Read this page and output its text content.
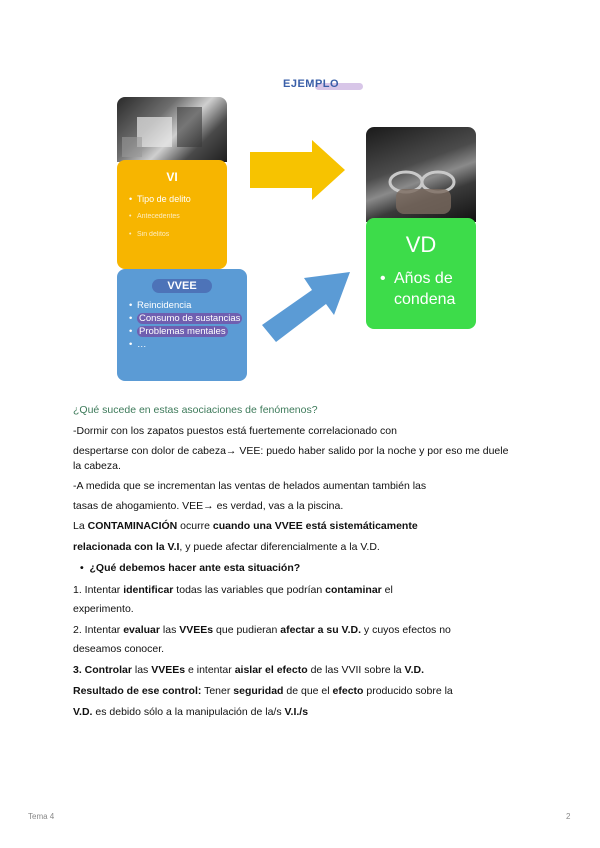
EJEMPLO
VI
• Tipo de delito
• Antecedentes
• Sin delitos
VVEE
• Reincidencia
• Consumo de sustancias
• Problemas mentales
• …
VD
• Años de condena
¿Qué sucede en estas asociaciones de fenómenos?
-Dormir con los zapatos puestos está fuertemente correlacionado con
despertarse con dolor de cabeza→ VEE: puedo haber salido por la noche y por eso me duele
la cabeza.
-A medida que se incrementan las ventas de helados aumentan también las
tasas de ahogamiento. VEE→ es verdad, vas a la piscina.
La CONTAMINACIÓN ocurre cuando una VVEE está sistemáticamente
relacionada con la V.I, y puede afectar diferencialmente a la V.D.
•  ¿Qué debemos hacer ante esta situación?
1. Intentar identificar todas las variables que podrían contaminar el
experimento.
2. Intentar evaluar las VVEEs que pudieran afectar a su V.D. y cuyos efectos no
deseamos conocer.
3. Controlar las VVEEs e intentar aislar el efecto de las VVII sobre la V.D.
Resultado de ese control: Tener seguridad de que el efecto producido sobre la
V.D. es debido sólo a la manipulación de la/s V.I./s
Tema 4	2
